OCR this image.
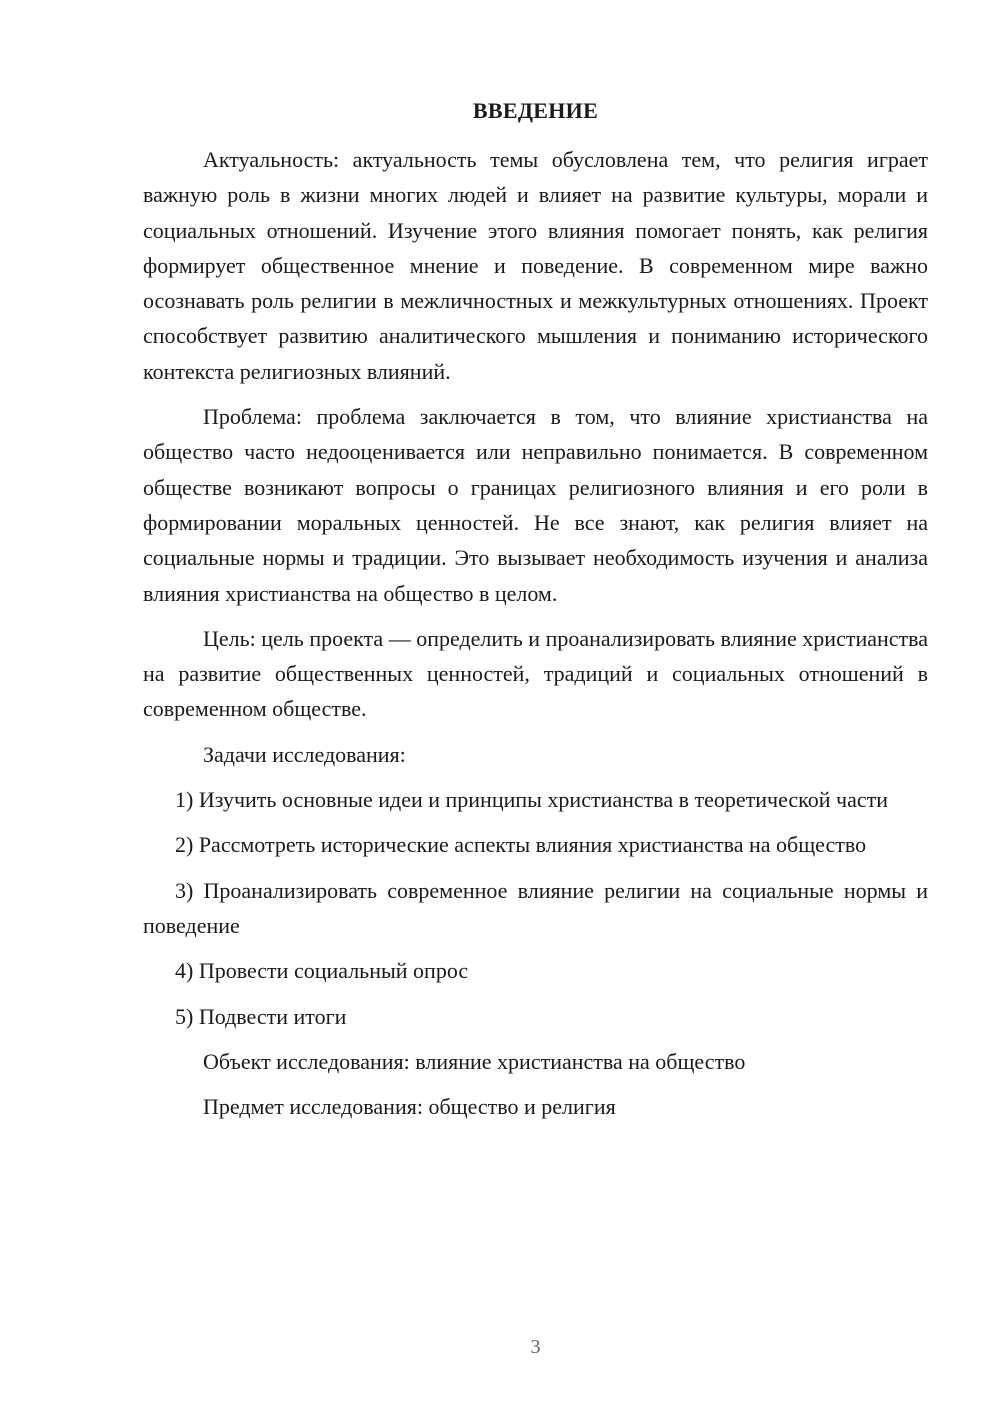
ВВЕДЕНИЕ

Актуальность: актуальность темы обусловлена тем, что религия играет важную роль в жизни многих людей и влияет на развитие культуры, морали и социальных отношений. Изучение этого влияния помогает понять, как религия формирует общественное мнение и поведение. В современном мире важно осознавать роль религии в межличностных и межкультурных отношениях. Проект способствует развитию аналитического мышления и пониманию исторического контекста религиозных влияний.

Проблема: проблема заключается в том, что влияние христианства на общество часто недооценивается или неправильно понимается. В современном обществе возникают вопросы о границах религиозного влияния и его роли в формировании моральных ценностей. Не все знают, как религия влияет на социальные нормы и традиции. Это вызывает необходимость изучения и анализа влияния христианства на общество в целом.

Цель: цель проекта — определить и проанализировать влияние христианства на развитие общественных ценностей, традиций и социальных отношений в современном обществе.

Задачи исследования:

1) Изучить основные идеи и принципы христианства в теоретической части

2) Рассмотреть исторические аспекты влияния христианства на общество

3) Проанализировать современное влияние религии на социальные нормы и поведение

4) Провести социальный опрос

5) Подвести итоги

Объект исследования: влияние христианства на общество

Предмет исследования: общество и религия

3
